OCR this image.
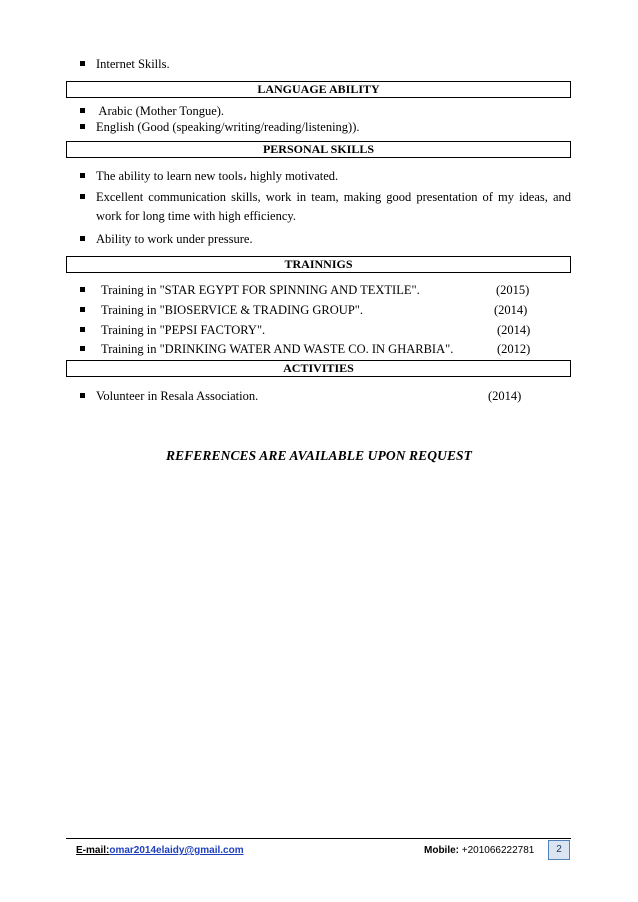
Internet Skills.
LANGUAGE ABILITY
Arabic (Mother Tongue).
English (Good (speaking/writing/reading/listening)).
PERSONAL SKILLS
The ability to learn new tools، highly motivated.
Excellent communication skills, work in team, making good presentation of my ideas, and
work for long time with high efficiency.
Ability to work under pressure.
TRAINNIGS
Training in "STAR EGYPT FOR SPINNING AND TEXTILE".	(2015)
Training in "BIOSERVICE & TRADING GROUP".	(2014)
Training in "PEPSI FACTORY".	(2014)
Training in "DRINKING WATER AND WASTE CO. IN GHARBIA".	(2012)
ACTIVITIES
Volunteer in Resala Association.	(2014)
REFERENCES ARE AVAILABLE UPON REQUEST
E-mail:omar2014elaidy@gmail.com	Mobile: +201066222781	2
